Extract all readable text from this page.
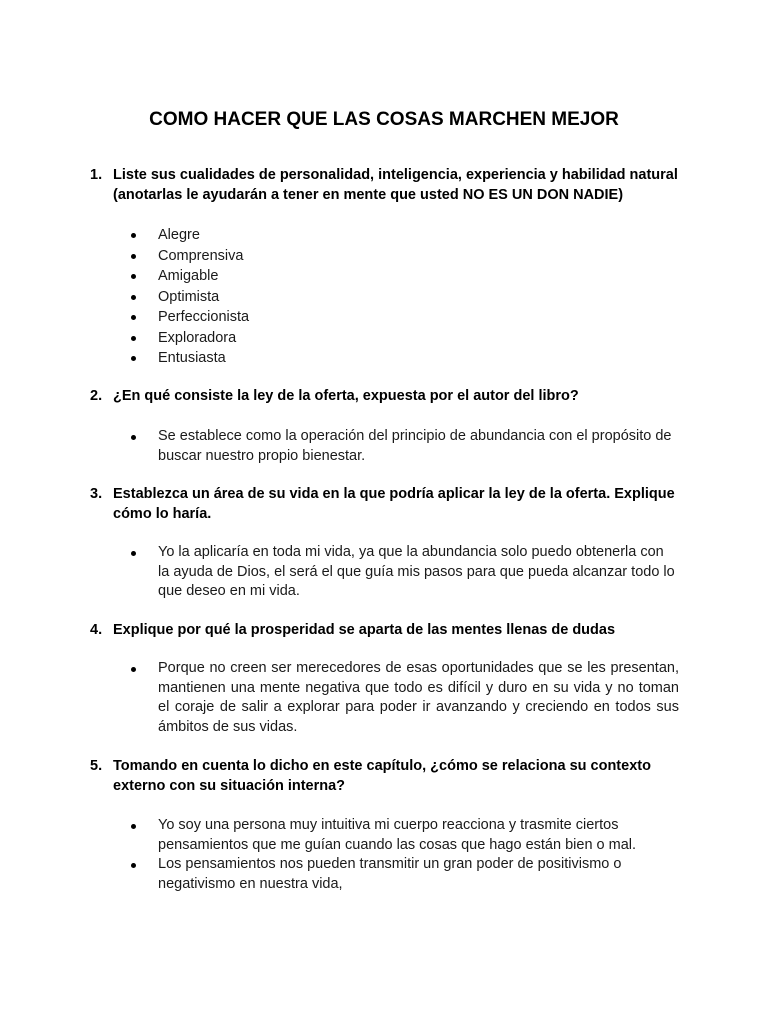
COMO HACER QUE LAS COSAS MARCHEN MEJOR
1. Liste sus cualidades de personalidad, inteligencia, experiencia y habilidad natural (anotarlas le ayudarán a tener en mente que usted NO ES UN DON NADIE)
Alegre
Comprensiva
Amigable
Optimista
Perfeccionista
Exploradora
Entusiasta
2. ¿En qué consiste la ley de la oferta, expuesta por el autor del libro?
Se establece como la operación del principio de abundancia con el propósito de buscar nuestro propio bienestar.
3. Establezca un área de su vida en la que podría aplicar la ley de la oferta. Explique cómo lo haría.
Yo la aplicaría en toda mi vida, ya que la abundancia solo puedo obtenerla con la ayuda de Dios, el será el que guía mis pasos para que pueda alcanzar todo lo que deseo en mi vida.
4. Explique por qué la prosperidad se aparta de las mentes llenas de dudas
Porque no creen ser merecedores de esas oportunidades que se les presentan, mantienen una mente negativa que todo es difícil y duro en su vida y no toman el coraje de salir a explorar para poder ir avanzando y creciendo en todos sus ámbitos de sus vidas.
5. Tomando en cuenta lo dicho en este capítulo, ¿cómo se relaciona su contexto externo con su situación interna?
Yo soy una persona muy intuitiva mi cuerpo reacciona y trasmite ciertos pensamientos que me guían cuando las cosas que hago están bien o mal.
Los pensamientos nos pueden transmitir un gran poder de positivismo o negativismo en nuestra vida,
